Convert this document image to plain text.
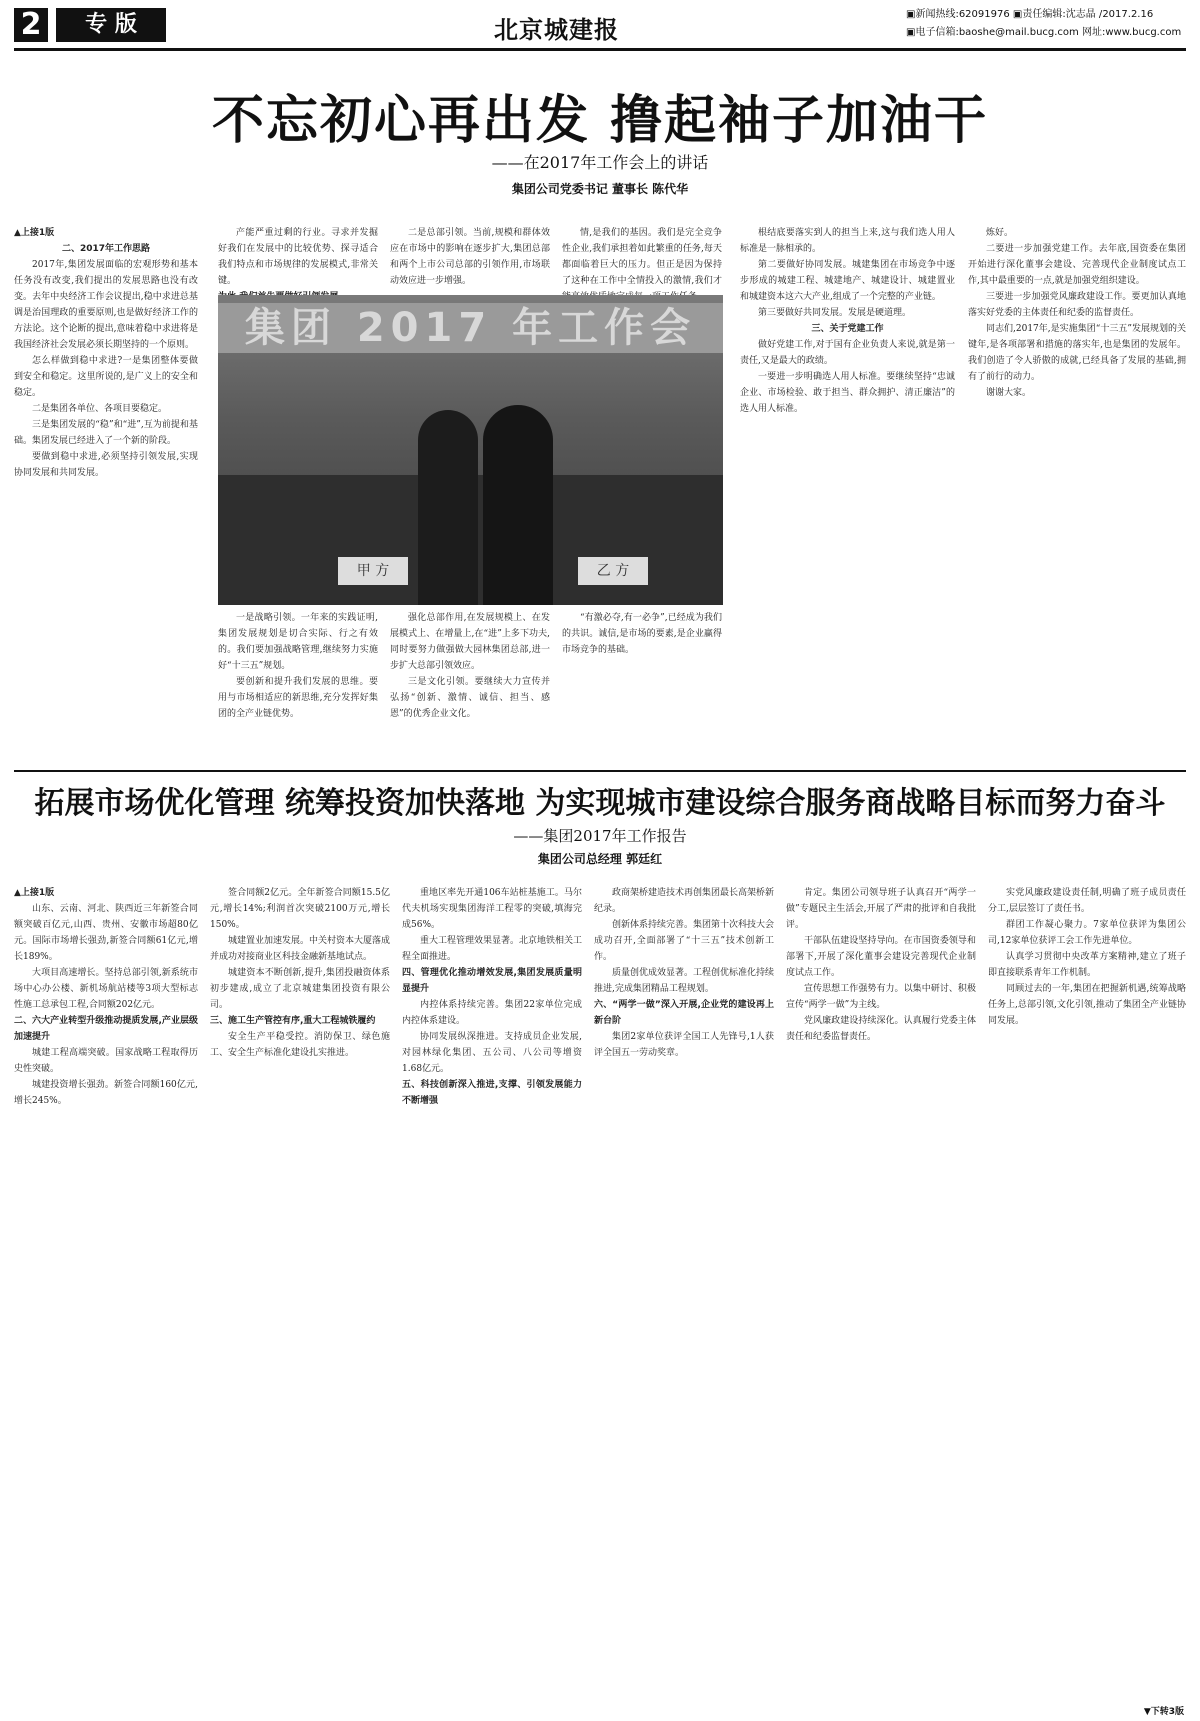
2	专 版	北京城建报
▣新闻热线:62091976 ▣责任编辑:沈志晶 /2017.2.16
▣电子信箱:baoshe@mail.bucg.com 网址:www.bucg.com
不忘初心再出发 撸起袖子加油干
——在2017年工作会上的讲话
集团公司党委书记 董事长 陈代华
▲上接1版
二、2017年工作思路

2017年,集团发展面临的宏观形势和基本任务没有改变,我们提出的发展思路也没有改变。去年中央经济工作会议提出,稳中求进总基调是治国理政的重要原则,也是做好经济工作的方法论。这个论断的提出,意味着稳中求进将是我国经济社会发展必须长期坚持的一个原则。

怎么样做到稳中求进?一是集团整体要做到安全和稳定。这里所说的,是广义上的安全和稳定。

二是集团各单位、各项目要稳定。

三是集团发展的“稳”和“进”,互为前提和基础。集团发展已经进入了一个新的阶段。

要做到稳中求进,必须坚持引领发展,实现协同发展和共同发展。

产能严重过剩的行业。寻求并发掘好我们在发展中的比较优势、探寻适合我们特点和市场规律的发展模式,非常关键。

一是战略引领。一年来的实践证明,集团发展规划是切合实际、行之有效的。我们要加强战略管理,继续努力实施好“十三五”规划。

要创新和提升我们发展的思维。要用与市场相适应的新思维,充分发挥好集团的全产业链优势。

二是总部引领。当前,规模和群体效应在市场中的影响在逐步扩大,集团总部和两个上市公司总部的引领作用,市场联动效应进一步增强。

强化总部作用,在发展规模上、在发展模式上、在增量上,在“进”上多下功夫,同时要努力做强做大园林集团总部,进一步扩大总部引领效应。

三是文化引领。要继续大力宣传并弘扬“创新、激情、诚信、担当、感恩”的优秀企业文化。

情,是我们的基因。我们是完全竞争性企业,我们承担着如此繁重的任务,每天都面临着巨大的压力。但正是因为保持了这种在工作中全情投入的激情,我们才

“有激必夺,有一必争”,已经成为我们的共识。诚信,是市场的要素,是企业赢得市场竞争的基础。

集团 2017 年工作会
甲 方	乙 方

根结底要落实到人的担当上来,这与我们选人用人标准是一脉相承的。

第二要做好协同发展。城建集团在市场竞争中逐步形成的城建工程、城建地产、城建设计、城建置业和城建资本这六大产业,组成了一个完整的产业链。

第三要做好共同发展。发展是硬道理。

三、关于党建工作

做好党建工作,对于国有企业负责人来说,就是第一责任,又是最大的政绩。

一要进一步明确选人用人标准。要继续坚持“忠诚企业、市场检验、敢于担当、群众拥护、清正廉洁”的选人用人标准。

炼好。

二要进一步加强党建工作。去年底,国资委在集团开始进行深化董事会建设、完善现代企业制度试点工作,其中最重要的一点,就是加强党组织建设。

三要进一步加强党风廉政建设工作。要更加认真地落实好党委的主体责任和纪委的监督责任。

同志们,2017年,是实施集团“十三五”发展规划的关键年,是各项部署和措施的落实年,也是集团的发展年。我们创造了令人骄傲的成就,已经具备了发展的基础,拥有了前行的动力。

谢谢大家。

拓展市场优化管理 统筹投资加快落地 为实现城市建设综合服务商战略目标而努力奋斗
——集团2017年工作报告
集团公司总经理 郭廷红
▲上接1版

山东、云南、河北、陕西近三年新签合同额突破百亿元,山西、贵州、安徽市场超80亿元。国际市场增长强劲,新签合同额61亿元,增长189%。

大项目高速增长。坚持总部引领,新系统市场中心办公楼、新机场航站楼等3项大型标志性施工总承包工程,合同额202亿元。

二、六大产业转型升级推动提质发展,产业层级加速提升

城建工程高端突破。国家战略工程取得历史性突破。

城建投资增长强劲。新签合同额160亿元,增长245%。

签合同额2亿元。全年新签合同额15.5亿元,增长14%;利润首次突破2100万元,增长150%。

城建置业加速发展。中关村资本大厦落成并成功对接商业区科技金融新基地试点。

城建资本不断创新,提升,集团投融资体系初步建成,成立了北京城建集团投资有限公司。

三、施工生产管控有序,重大工程城铁履约

安全生产平稳受控。消防保卫、绿色施工、安全生产标准化建设扎实推进。

重地区率先开通106车站桩基施工。马尔代夫机场实现集团海洋工程零的突破,填海完成56%。

重大工程管理效果显著。北京地铁相关工程全面推进。

四、管理优化推动增效发展,集团发展质量明显提升

内控体系持续完善。集团22家单位完成内控体系建设。

协同发展纵深推进。支持成员企业发展,对园林绿化集团、五公司、八公司等增资1.68亿元。

五、科技创新深入推进,支撑、引领发展能力不断增强

政商架桥建造技术再创集团最长高架桥新纪录。

创新体系持续完善。集团第十次科技大会成功召开,全面部署了“十三五”技术创新工作。

质量创优成效显著。工程创优标准化持续推进,完成集团精品工程规划。

六、“两学一做”深入开展,企业党的建设再上新台阶

集团2家单位获评全国工人先锋号,1人获评全国五一劳动奖章。

肯定。集团公司领导班子认真召开“两学一做”专题民主生活会,开展了严肃的批评和自我批评。

干部队伍建设坚持导向。在市国资委领导和部署下,开展了深化董事会建设完善现代企业制度试点工作。

宣传思想工作强势有力。以集中研讨、积极宣传“两学一做”为主线。

党风廉政建设持续深化。认真履行党委主体责任和纪委监督责任。

实党风廉政建设责任制,明确了班子成员责任分工,层层签订了责任书。

群团工作凝心聚力。7家单位获评为集团公司,12家单位获评工会工作先进单位。

认真学习贯彻中央改革方案精神,建立了班子即直接联系青年工作机制。

同顾过去的一年,集团在把握新机遇,统筹战略任务上,总部引领,文化引领,推动了集团全产业链协同发展。

▼下转3版
